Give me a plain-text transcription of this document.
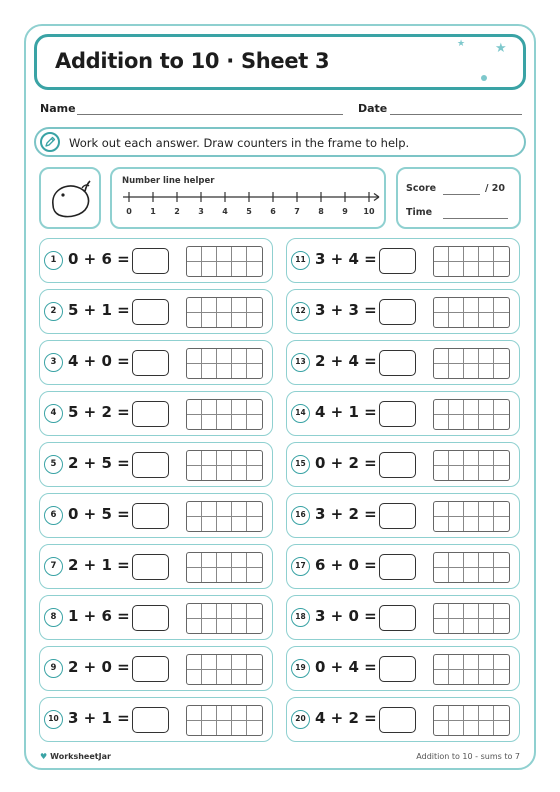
Addition to 10 · Sheet 3
★ ★
Name	Date
Work out each answer. Draw counters in the frame to help.
Number line helper
0 1 2 3 4 5 6 7 8 9 10
Score	/ 20
Time
1 0 + 6 =
2 5 + 1 =
3 4 + 0 =
4 5 + 2 =
5 2 + 5 =
6 0 + 5 =
7 2 + 1 =
8 1 + 6 =
9 2 + 0 =
10 3 + 1 =
11 3 + 4 =
12 3 + 3 =
13 2 + 4 =
14 4 + 1 =
15 0 + 2 =
16 3 + 2 =
17 6 + 0 =
18 3 + 0 =
19 0 + 4 =
20 4 + 2 =
♥ WorksheetJar	Addition to 10 - sums to 7
